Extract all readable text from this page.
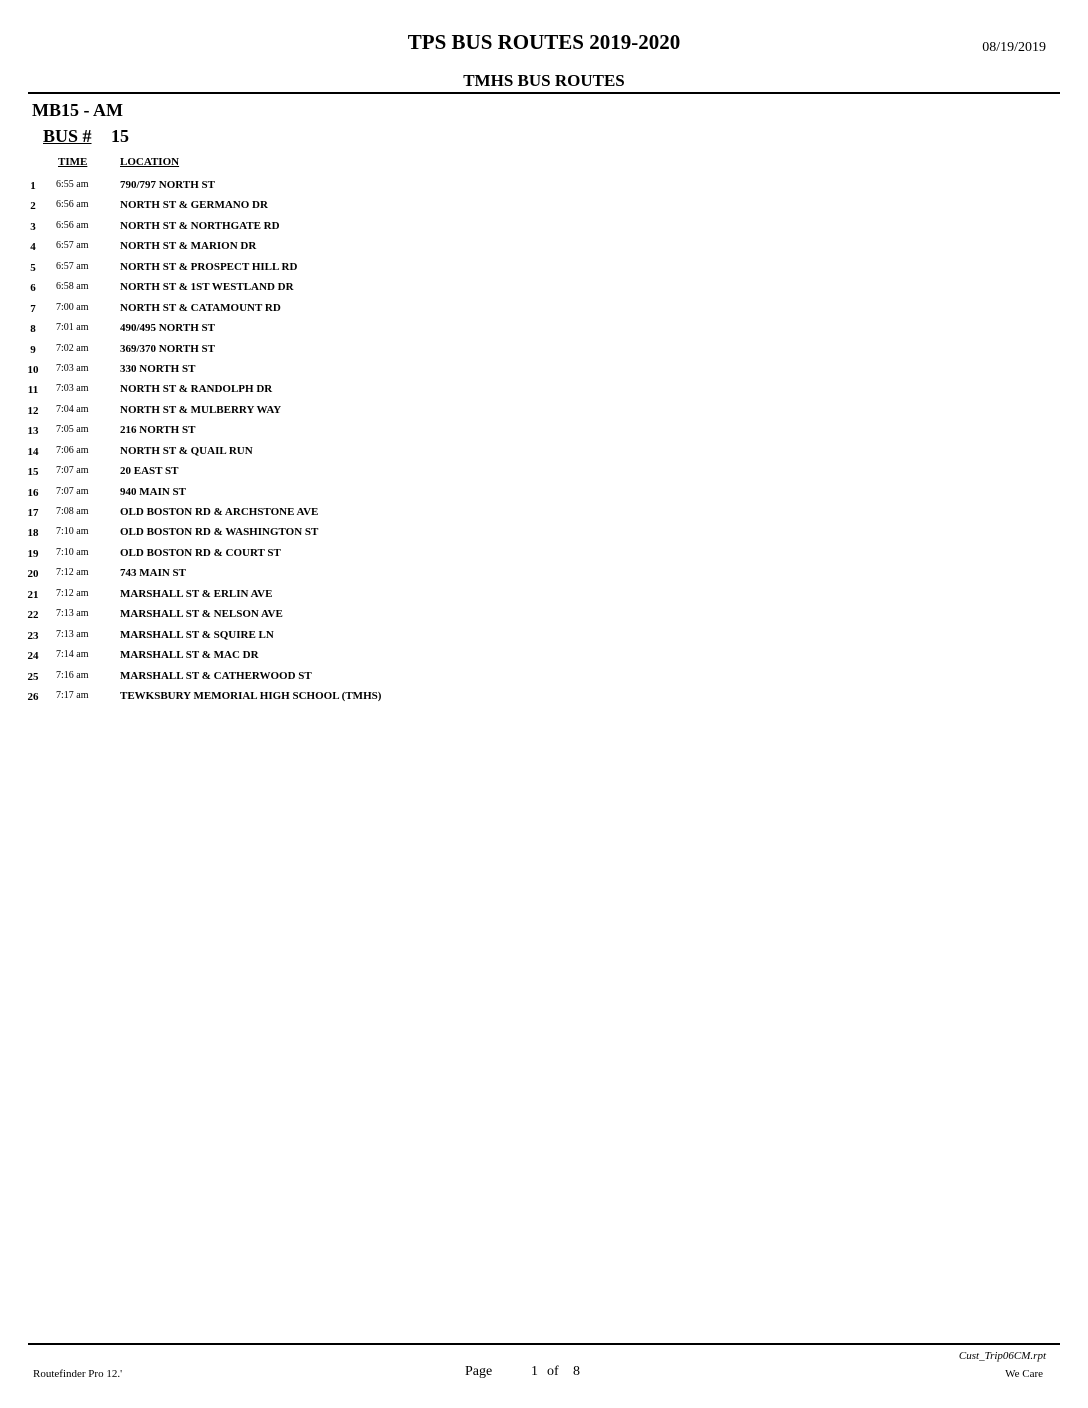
TPS BUS ROUTES 2019-2020	08/19/2019
TMHS BUS ROUTES
MB15 - AM
BUS # 15
TIME	LOCATION
1	6:55 am	790/797 NORTH ST
2	6:56 am	NORTH ST & GERMANO DR
3	6:56 am	NORTH ST & NORTHGATE RD
4	6:57 am	NORTH ST & MARION DR
5	6:57 am	NORTH ST & PROSPECT HILL RD
6	6:58 am	NORTH ST & 1ST WESTLAND DR
7	7:00 am	NORTH ST & CATAMOUNT RD
8	7:01 am	490/495 NORTH ST
9	7:02 am	369/370 NORTH ST
10	7:03 am	330 NORTH ST
11	7:03 am	NORTH ST & RANDOLPH DR
12	7:04 am	NORTH ST & MULBERRY WAY
13	7:05 am	216 NORTH ST
14	7:06 am	NORTH ST & QUAIL RUN
15	7:07 am	20 EAST ST
16	7:07 am	940 MAIN ST
17	7:08 am	OLD BOSTON RD & ARCHSTONE AVE
18	7:10 am	OLD BOSTON RD & WASHINGTON ST
19	7:10 am	OLD BOSTON RD & COURT ST
20	7:12 am	743 MAIN ST
21	7:12 am	MARSHALL ST & ERLIN AVE
22	7:13 am	MARSHALL ST & NELSON AVE
23	7:13 am	MARSHALL ST & SQUIRE LN
24	7:14 am	MARSHALL ST & MAC DR
25	7:16 am	MARSHALL ST & CATHERWOOD ST
26	7:17 am	TEWKSBURY MEMORIAL HIGH SCHOOL (TMHS)
Cust_Trip06CM.rpt
Routefinder Pro 12.'	Page	1 of 8	We Care
